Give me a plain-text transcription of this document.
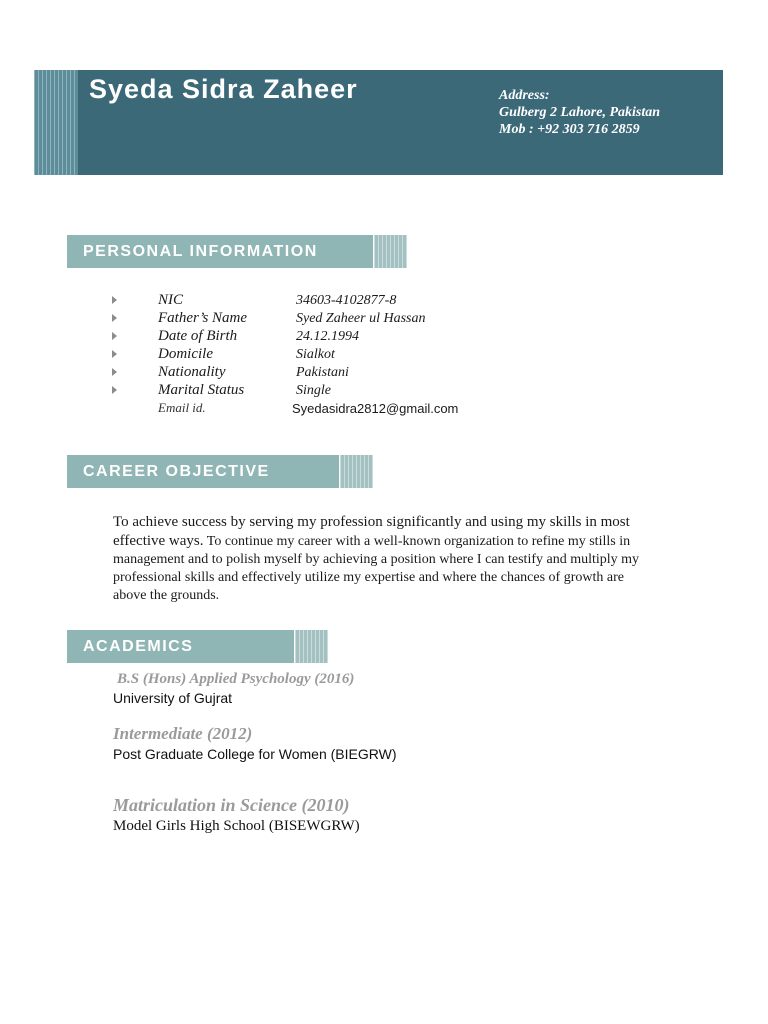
Syeda Sidra Zaheer	Address:
Gulberg 2 Lahore, Pakistan
Mob : +92 303 716 2859
PERSONAL INFORMATION
NIC	34603-4102877-8
Father’s Name	Syed Zaheer ul Hassan
Date of Birth	24.12.1994
Domicile	Sialkot
Nationality	Pakistani
Marital Status	Single
Email id.	Syedasidra2812@gmail.com
CAREER OBJECTIVE
To achieve success by serving my profession significantly and using my skills in most effective ways. To continue my career with a well-known organization to refine my stills in management and to polish myself by achieving a position where I can testify and multiply my professional skills and effectively utilize my expertise and where the chances of growth are above the grounds.
ACADEMICS
B.S (Hons) Applied Psychology (2016)
University of Gujrat
Intermediate (2012)
Post Graduate College for Women (BIEGRW)
Matriculation in Science (2010)
Model Girls High School (BISEWGRW)
